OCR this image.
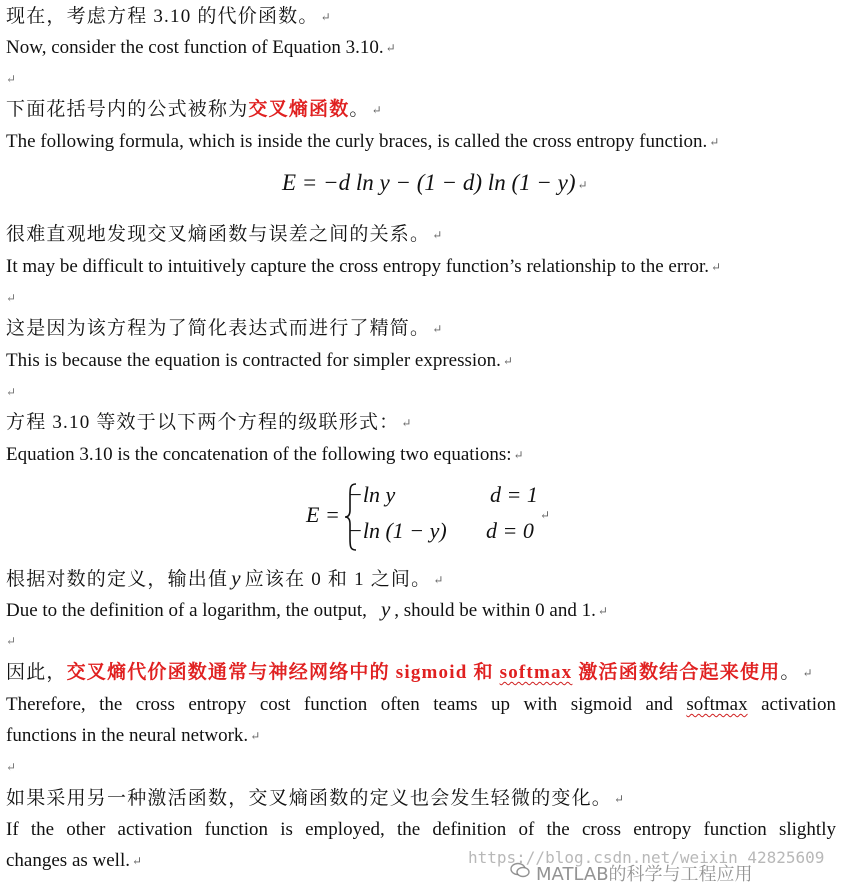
现在，考虑方程 3.10 的代价函数。 ↵

Now, consider the cost function of Equation 3.10. ↵

↵

下面花括号内的公式被称为交叉熵函数。 ↵

The following formula, which is inside the curly braces, is called the cross entropy function. ↵

E = −d ln y − (1 − d) ln (1 − y) ↵

很难直观地发现交叉熵函数与误差之间的关系。 ↵

It may be difficult to intuitively capture the cross entropy function’s relationship to the error. ↵

↵

这是因为该方程为了简化表达式而进行了精简。 ↵

This is because the equation is contracted for simpler expression. ↵

↵

方程 3.10 等效于以下两个方程的级联形式： ↵

Equation 3.10 is the concatenation of the following two equations: ↵

E =
−ln y	d = 1
−ln (1 − y) d = 0
↵

根据对数的定义，输出值 y 应该在 0 和 1 之间。 ↵

Due to the definition of a logarithm, the output, y , should be within 0 and 1. ↵

↵

因此，交叉熵代价函数通常与神经网络中的 sigmoid 和 softmax 激活函数结合起来使用。 ↵

Therefore, the cross entropy cost function often teams up with sigmoid and softmax activation

functions in the neural network. ↵

↵

如果采用另一种激活函数，交叉熵函数的定义也会发生轻微的变化。 ↵

If the other activation function is employed, the definition of the cross entropy function slightly

changes as well. ↵	https://blog.csdn.net/weixin_42825609
MATLAB的科学与工程应用
